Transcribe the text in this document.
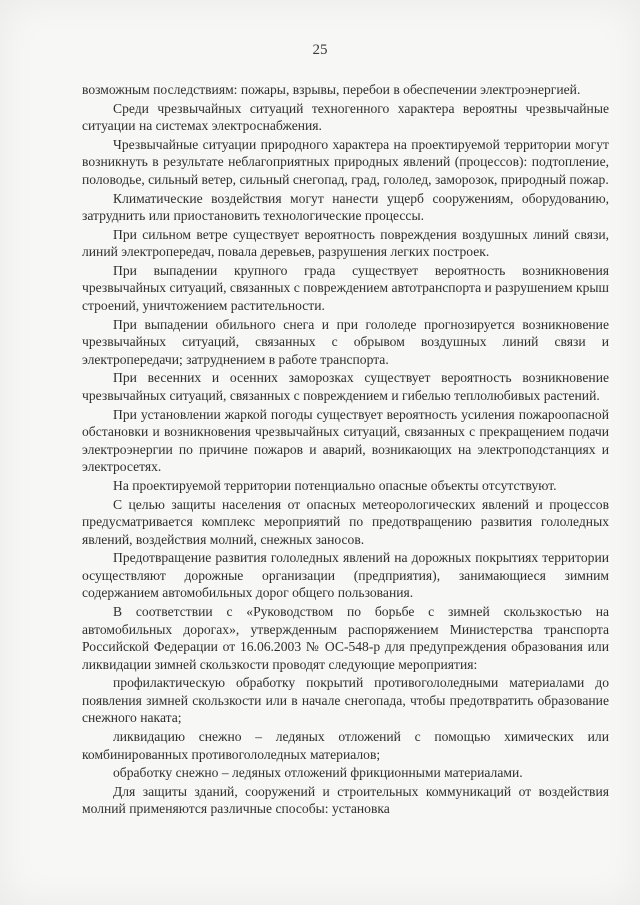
25

возможным последствиям: пожары, взрывы, перебои в обеспечении электроэнергией.

Среди чрезвычайных ситуаций техногенного характера вероятны чрезвычайные ситуации на системах электроснабжения.

Чрезвычайные ситуации природного характера на проектируемой территории могут возникнуть в результате неблагоприятных природных явлений (процессов): подтопление, половодье, сильный ветер, сильный снегопад, град, гололед, заморозок, природный пожар.

Климатические воздействия могут нанести ущерб сооружениям, оборудованию, затруднить или приостановить технологические процессы.

При сильном ветре существует вероятность повреждения воздушных линий связи, линий электропередач, повала деревьев, разрушения легких построек.

При выпадении крупного града существует вероятность возникновения чрезвычайных ситуаций, связанных с повреждением автотранспорта и разрушением крыш строений, уничтожением растительности.

При выпадении обильного снега и при гололеде прогнозируется возникновение чрезвычайных ситуаций, связанных с обрывом воздушных линий связи и электропередачи; затруднением в работе транспорта.

При весенних и осенних заморозках существует вероятность возникновение чрезвычайных ситуаций, связанных с повреждением и гибелью теплолюбивых растений.

При установлении жаркой погоды существует вероятность усиления пожароопасной обстановки и возникновения чрезвычайных ситуаций, связанных с прекращением подачи электроэнергии по причине пожаров и аварий, возникающих на электроподстанциях и электросетях.

На проектируемой территории потенциально опасные объекты отсутствуют.

С целью защиты населения от опасных метеорологических явлений и процессов предусматривается комплекс мероприятий по предотвращению развития гололедных явлений, воздействия молний, снежных заносов.

Предотвращение развития гололедных явлений на дорожных покрытиях территории осуществляют дорожные организации (предприятия), занимающиеся зимним содержанием автомобильных дорог общего пользования.

В соответствии с «Руководством по борьбе с зимней скользкостью на автомобильных дорогах», утвержденным распоряжением Министерства транспорта Российской Федерации от 16.06.2003 № ОС-548-р для предупреждения образования или ликвидации зимней скользкости проводят следующие мероприятия:

профилактическую обработку покрытий противогололедными материалами до появления зимней скользкости или в начале снегопада, чтобы предотвратить образование снежного наката;

ликвидацию снежно – ледяных отложений с помощью химических или комбинированных противогололедных материалов;

обработку снежно – ледяных отложений фрикционными материалами.

Для защиты зданий, сооружений и строительных коммуникаций от воздействия молний применяются различные способы: установка
